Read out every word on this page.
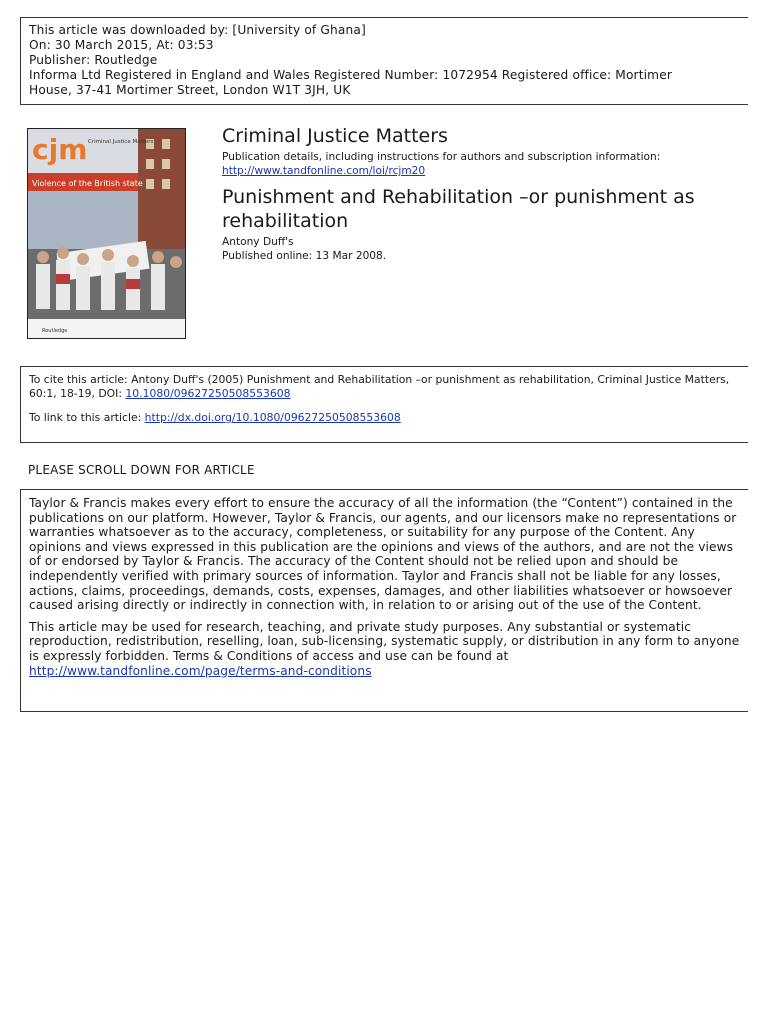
This article was downloaded by: [University of Ghana]
On: 30 March 2015, At: 03:53
Publisher: Routledge
Informa Ltd Registered in England and Wales Registered Number: 1072954 Registered office: Mortimer
House, 37-41 Mortimer Street, London W1T 3JH, UK
Violence of the British state
cjm Criminal Justice Matters
Routledge
Criminal Justice Matters
Publication details, including instructions for authors and subscription information:
http://www.tandfonline.com/loi/rcjm20
Punishment and Rehabilitation –or punishment as rehabilitation
Antony Duff's
Published online: 13 Mar 2008.
To cite this article: Antony Duff's (2005) Punishment and Rehabilitation –or punishment as rehabilitation, Criminal Justice Matters, 60:1, 18-19, DOI: 10.1080/09627250508553608
To link to this article: http://dx.doi.org/10.1080/09627250508553608
PLEASE SCROLL DOWN FOR ARTICLE

Taylor & Francis makes every effort to ensure the accuracy of all the information (the “Content”) contained in the publications on our platform. However, Taylor & Francis, our agents, and our licensors make no representations or warranties whatsoever as to the accuracy, completeness, or suitability for any purpose of the Content. Any opinions and views expressed in this publication are the opinions and views of the authors, and are not the views of or endorsed by Taylor & Francis. The accuracy of the Content should not be relied upon and should be independently verified with primary sources of information. Taylor and Francis shall not be liable for any losses, actions, claims, proceedings, demands, costs, expenses, damages, and other liabilities whatsoever or howsoever caused arising directly or indirectly in connection with, in relation to or arising out of the use of the Content.

This article may be used for research, teaching, and private study purposes. Any substantial or systematic reproduction, redistribution, reselling, loan, sub-licensing, systematic supply, or distribution in any form to anyone is expressly forbidden. Terms & Conditions of access and use can be found at http://www.tandfonline.com/page/terms-and-conditions
